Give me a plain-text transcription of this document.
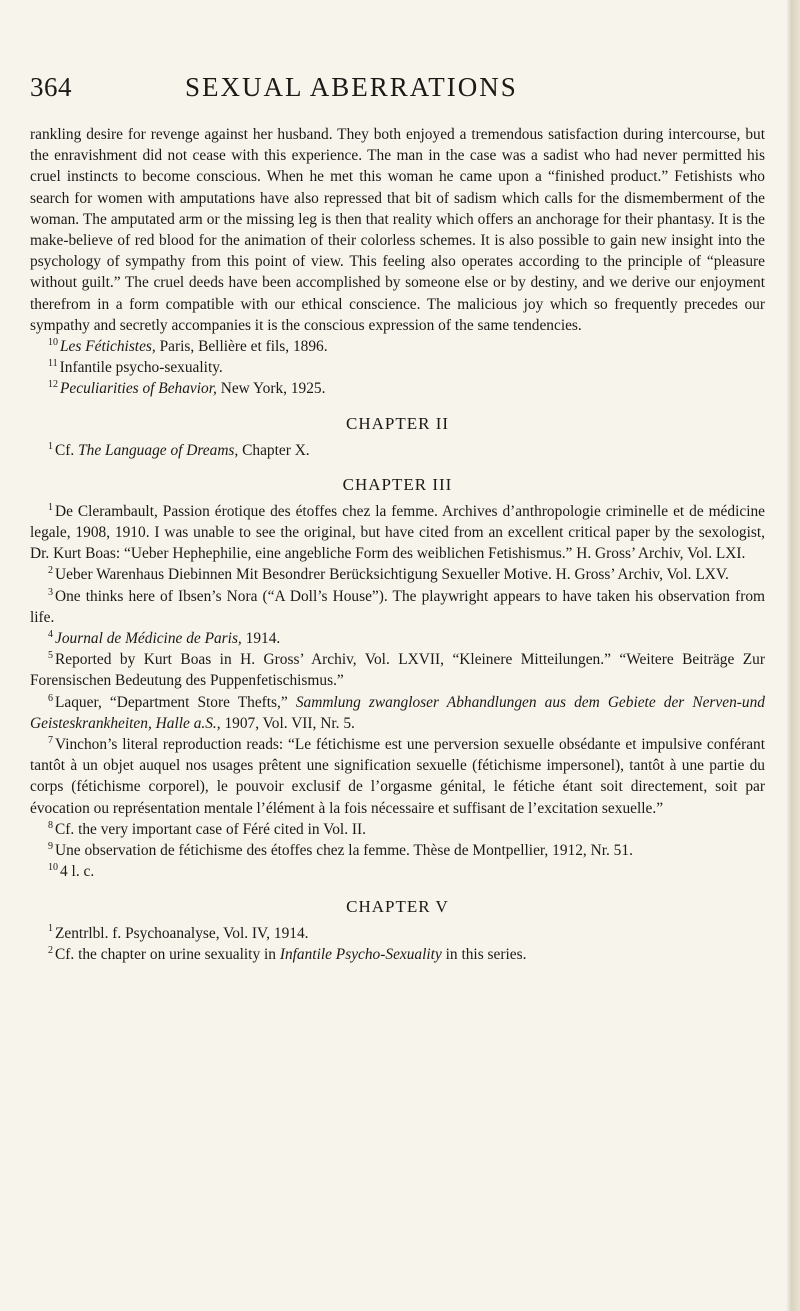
364	SEXUAL ABERRATIONS

rankling desire for revenge against her husband. They both enjoyed a tremendous satisfaction during intercourse, but the enravishment did not cease with this experience. The man in the case was a sadist who had never permitted his cruel instincts to become conscious. When he met this woman he came upon a “finished product.” Fetishists who search for women with amputations have also repressed that bit of sadism which calls for the dismemberment of the woman. The amputated arm or the missing leg is then that reality which offers an anchorage for their phantasy. It is the make-believe of red blood for the animation of their colorless schemes. It is also possible to gain new insight into the psychology of sympathy from this point of view. This feeling also operates according to the principle of “pleasure without guilt.” The cruel deeds have been accomplished by someone else or by destiny, and we derive our enjoyment therefrom in a form compatible with our ethical conscience. The malicious joy which so frequently precedes our sympathy and secretly accompanies it is the conscious expression of the same tendencies.

$^{10}$ Les Fétichistes, Paris, Bellière et fils, 1896.

$^{11}$ Infantile psycho-sexuality.

$^{12}$ Peculiarities of Behavior, New York, 1925.

CHAPTER II

$^1$ Cf. The Language of Dreams, Chapter X.

CHAPTER III

$^1$ De Clerambault, Passion érotique des étoffes chez la femme. Archives d’anthropologie criminelle et de médicine legale, 1908, 1910. I was unable to see the original, but have cited from an excellent critical paper by the sexologist, Dr. Kurt Boas: “Ueber Hephephilie, eine angebliche Form des weiblichen Fetishismus.” H. Gross’ Archiv, Vol. LXI.

$^2$ Ueber Warenhaus Diebinnen Mit Besondrer Berücksichtigung Sexueller Motive. H. Gross’ Archiv, Vol. LXV.

$^3$ One thinks here of Ibsen’s Nora (“A Doll’s House”). The playwright appears to have taken his observation from life.

$^4$ Journal de Médicine de Paris, 1914.

$^5$ Reported by Kurt Boas in H. Gross’ Archiv, Vol. LXVII, “Kleinere Mitteilungen.” “Weitere Beiträge Zur Forensischen Bedeutung des Puppenfetischismus.”

$^6$ Laquer, “Department Store Thefts,” Sammlung zwangloser Abhandlungen aus dem Gebiete der Nerven-und Geisteskrankheiten, Halle a.S., 1907, Vol. VII, Nr. 5.

$^7$ Vinchon’s literal reproduction reads: “Le fétichisme est une perversion sexuelle obsédante et impulsive conférant tantôt à un objet auquel nos usages prêtent une signification sexuelle (fétichisme impersonel), tantôt à une partie du corps (fétichisme corporel), le pouvoir exclusif de l’orgasme génital, le fétiche étant soit directement, soit par évocation ou représentation mentale l’élément à la fois nécessaire et suffisant de l’excitation sexuelle.”

$^8$ Cf. the very important case of Féré cited in Vol. II.

$^9$ Une observation de fétichisme des étoffes chez la femme. Thèse de Montpellier, 1912, Nr. 51.

$^{10}$ 4 l. c.

CHAPTER V

$^1$ Zentrlbl. f. Psychoanalyse, Vol. IV, 1914.

$^2$ Cf. the chapter on urine sexuality in Infantile Psycho-Sexuality in this series.
